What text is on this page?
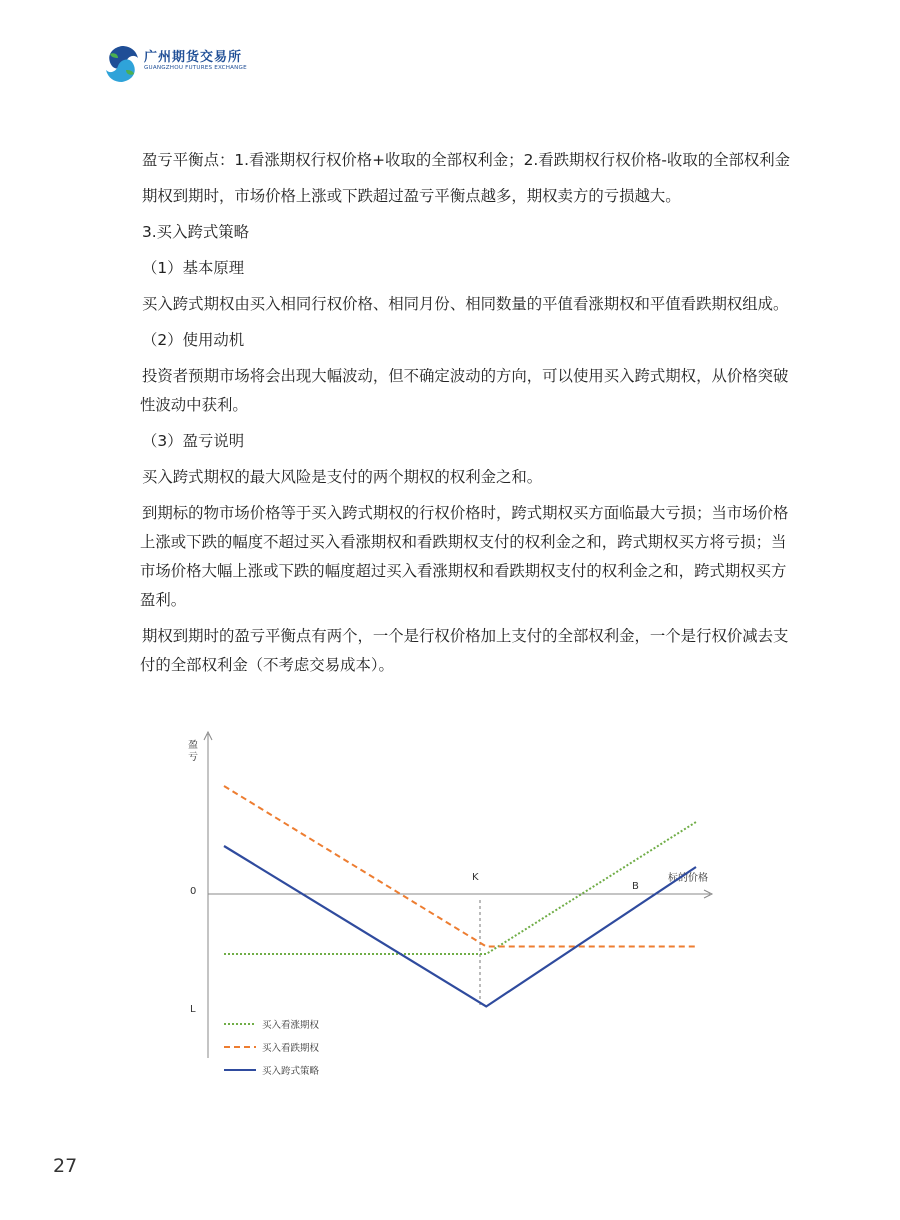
广州期货交易所
GUANGZHOU FUTURES EXCHANGE

盈亏平衡点：1.看涨期权行权价格+收取的全部权利金；2.看跌期权行权价格-收取的全部权利金

期权到期时，市场价格上涨或下跌超过盈亏平衡点越多，期权卖方的亏损越大。

3.买入跨式策略

（1）基本原理

买入跨式期权由买入相同行权价格、相同月份、相同数量的平值看涨期权和平值看跌期权组成。

（2）使用动机

投资者预期市场将会出现大幅波动，但不确定波动的方向，可以使用买入跨式期权，从价格突破性波动中获利。

（3）盈亏说明

买入跨式期权的最大风险是支付的两个期权的权利金之和。

到期标的物市场价格等于买入跨式期权的行权价格时，跨式期权买方面临最大亏损；当市场价格上涨或下跌的幅度不超过买入看涨期权和看跌期权支付的权利金之和，跨式期权买方将亏损；当市场价格大幅上涨或下跌的幅度超过买入看涨期权和看跌期权支付的权利金之和，跨式期权买方盈利。

期权到期时的盈亏平衡点有两个，一个是行权价格加上支付的全部权利金，一个是行权价减去支付的全部权利金（不考虑交易成本）。

盈
亏
标的价格
0
K
B
L
买入看涨期权
买入看跌期权
买入跨式策略
27
